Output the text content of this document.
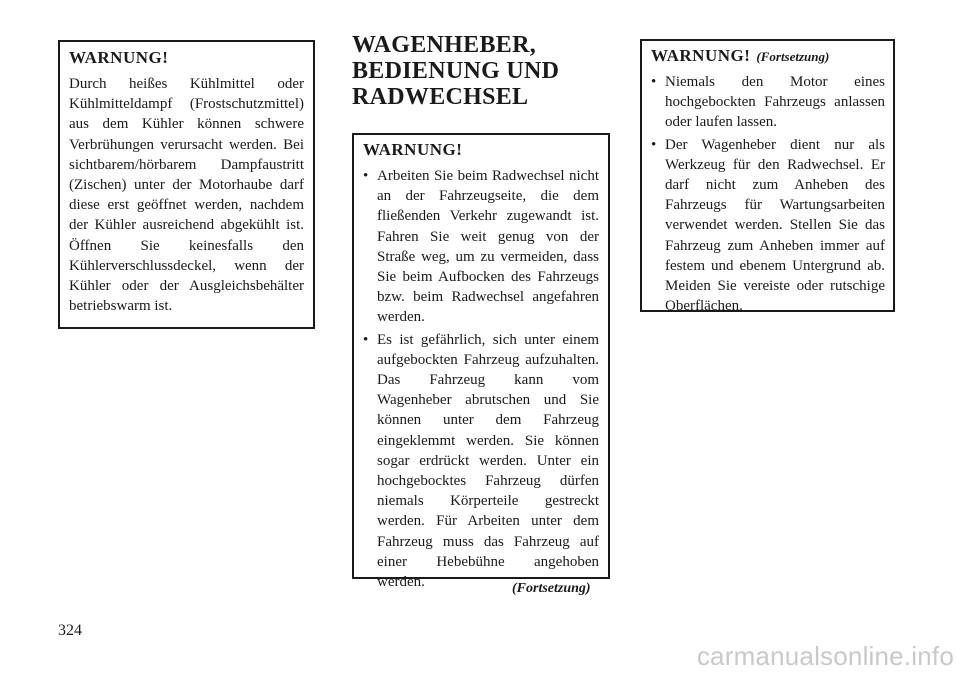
WARNUNG!

Durch heißes Kühlmittel oder Kühlmitteldampf (Frostschutzmittel) aus dem Kühler können schwere Verbrühungen verursacht werden. Bei sichtbarem/hörbarem Dampfaustritt (Zischen) unter der Motorhaube darf diese erst geöffnet werden, nachdem der Kühler ausreichend abgekühlt ist. Öffnen Sie keinesfalls den Kühlerverschlussdeckel, wenn der Kühler oder der Ausgleichsbehälter betriebswarm ist.

WAGENHEBER, BEDIENUNG UND RADWECHSEL

WARNUNG!

• Arbeiten Sie beim Radwechsel nicht an der Fahrzeugseite, die dem fließenden Verkehr zugewandt ist. Fahren Sie weit genug von der Straße weg, um zu vermeiden, dass Sie beim Aufbocken des Fahrzeugs bzw. beim Radwechsel angefahren werden.
• Es ist gefährlich, sich unter einem aufgebockten Fahrzeug aufzuhalten. Das Fahrzeug kann vom Wagenheber abrutschen und Sie können unter dem Fahrzeug eingeklemmt werden. Sie können sogar erdrückt werden. Unter ein hochgebocktes Fahrzeug dürfen niemals Körperteile gestreckt werden. Für Arbeiten unter dem Fahrzeug muss das Fahrzeug auf einer Hebebühne angehoben werden.	(Fortsetzung)

WARNUNG! (Fortsetzung)

• Niemals den Motor eines hochgebockten Fahrzeugs anlassen oder laufen lassen.
• Der Wagenheber dient nur als Werkzeug für den Radwechsel. Er darf nicht zum Anheben des Fahrzeugs für Wartungsarbeiten verwendet werden. Stellen Sie das Fahrzeug zum Anheben immer auf festem und ebenem Untergrund ab. Meiden Sie vereiste oder rutschige Oberflächen.
324
carmanualsonline.info
